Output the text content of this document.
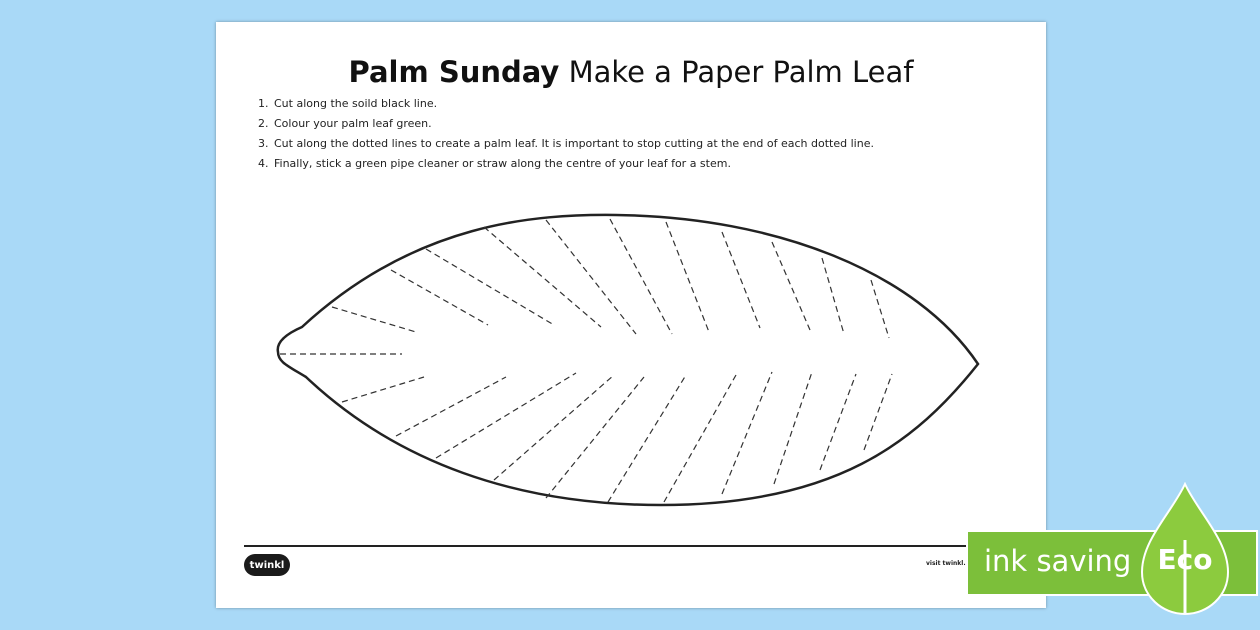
Palm Sunday Make a Paper Palm Leaf
1. Cut along the soild black line.
2. Colour your palm leaf green.
3. Cut along the dotted lines to create a palm leaf. It is important to stop cutting at the end of each dotted line.
4. Finally, stick a green pipe cleaner or straw along the centre of your leaf for a stem.
twinkl	visit twinkl. ink saving Eco
